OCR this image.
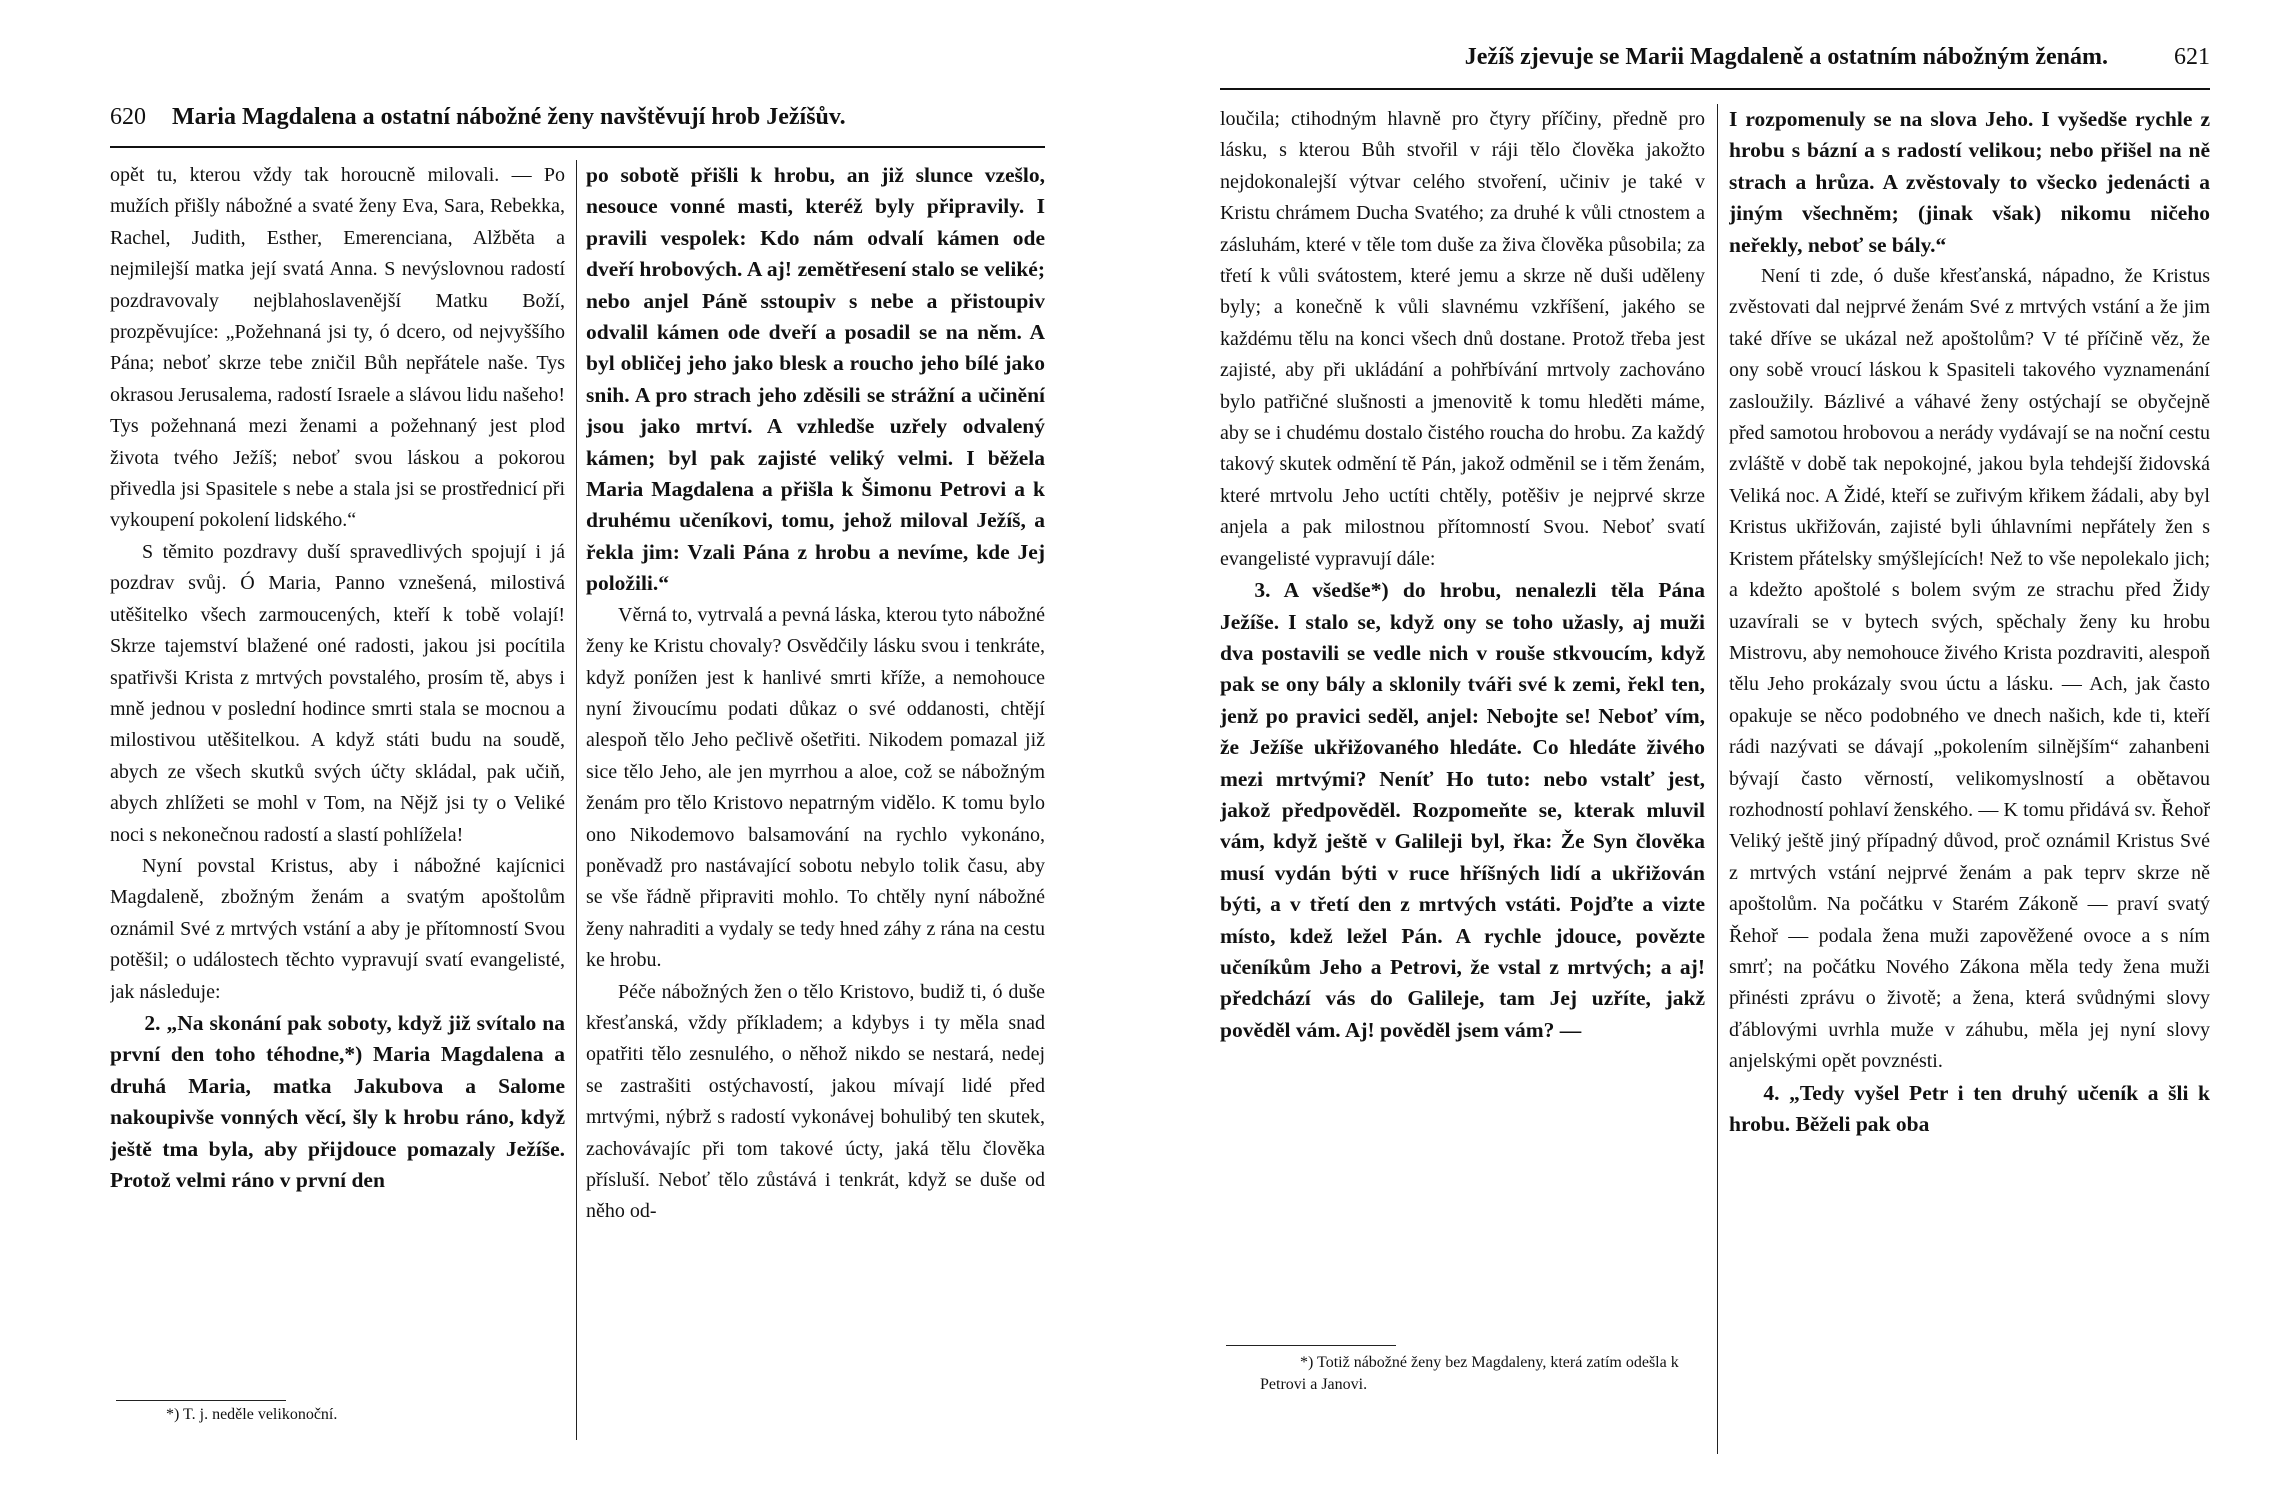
620 Maria Magdalena a ostatní nábožné ženy navštěvují hrob Ježíšův.

opět tu, kterou vždy tak horoucně milovali. — Po mužích přišly nábožné a svaté ženy Eva, Sara, Rebekka, Rachel, Judith, Esther, Emerenciana, Alžběta a nejmilejší matka její svatá Anna. S nevýslovnou radostí pozdravovaly nejblahoslavenější Matku Boží, prozpěvujíce: „Požehnaná jsi ty, ó dcero, od nejvyššího Pána; neboť skrze tebe zničil Bůh nepřátele naše. Tys okrasou Jerusalema, radostí Israele a slávou lidu našeho! Tys požehnaná mezi ženami a požehnaný jest plod života tvého Ježíš; neboť svou láskou a pokorou přivedla jsi Spasitele s nebe a stala jsi se prostřednicí při vykoupení pokolení lidského.“

S těmito pozdravy duší spravedlivých spojují i já pozdrav svůj. Ó Maria, Panno vznešená, milostivá utěšitelko všech zarmoucených, kteří k tobě volají! Skrze tajemství blažené oné radosti, jakou jsi pocítila spatřivši Krista z mrtvých povstalého, prosím tě, abys i mně jednou v poslední hodince smrti stala se mocnou a milostivou utěšitelkou. A když státi budu na soudě, abych ze všech skutků svých účty skládal, pak učiň, abych zhlížeti se mohl v Tom, na Nějž jsi ty o Veliké noci s nekonečnou radostí a slastí pohlížela!

Nyní povstal Kristus, aby i nábožné kajícnici Magdaleně, zbožným ženám a svatým apoštolům oznámil Své z mrtvých vstání a aby je přítomností Svou potěšil; o událostech těchto vypravují svatí evangelisté, jak následuje:

2. „Na skonání pak soboty, když již svítalo na první den toho téhodne,*) Maria Magdalena a druhá Maria, matka Jakubova a Salome nakoupivše vonných věcí, šly k hrobu ráno, když ještě tma byla, aby přijdouce pomazaly Ježíše. Protož velmi ráno v první den

po sobotě přišli k hrobu, an již slunce vzešlo, nesouce vonné masti, kteréž byly připravily. I pravili vespolek: Kdo nám odvalí kámen ode dveří hrobových. A aj! zemětřesení stalo se veliké; nebo anjel Páně sstoupiv s nebe a přistoupiv odvalil kámen ode dveří a posadil se na něm. A byl obličej jeho jako blesk a roucho jeho bílé jako snih. A pro strach jeho zděsili se strážní a učinění jsou jako mrtví. A vzhledše uzřely odvalený kámen; byl pak zajisté veliký velmi. I běžela Maria Magdalena a přišla k Šimonu Petrovi a k druhému učeníkovi, tomu, jehož miloval Ježíš, a řekla jim: Vzali Pána z hrobu a nevíme, kde Jej položili.“

Věrná to, vytrvalá a pevná láska, kterou tyto nábožné ženy ke Kristu chovaly? Osvědčily lásku svou i tenkráte, když ponížen jest k hanlivé smrti kříže, a nemohouce nyní živoucímu podati důkaz o své oddanosti, chtějí alespoň tělo Jeho pečlivě ošetřiti. Nikodem pomazal již sice tělo Jeho, ale jen myrrhou a aloe, což se nábožným ženám pro tělo Kristovo nepatrným vidělo. K tomu bylo ono Nikodemovo balsamování na rychlo vykonáno, poněvadž pro nastávající sobotu nebylo tolik času, aby se vše řádně připraviti mohlo. To chtěly nyní nábožné ženy nahraditi a vydaly se tedy hned záhy z rána na cestu ke hrobu.

Péče nábožných žen o tělo Kristovo, budiž ti, ó duše křesťanská, vždy příkladem; a kdybys i ty měla snad opatřiti tělo zesnulého, o něhož nikdo se nestará, nedej se zastrašiti ostýchavostí, jakou mívají lidé před mrtvými, nýbrž s radostí vykonávej bohulibý ten skutek, zachovávajíc při tom takové úcty, jaká tělu člověka přísluší. Neboť tělo zůstává i tenkrát, když se duše od něho od-

*) T. j. neděle velikonoční.
Ježíš zjevuje se Marii Magdaleně a ostatním nábožným ženám.	621

loučila; ctihodným hlavně pro čtyry příčiny, předně pro lásku, s kterou Bůh stvořil v ráji tělo člověka jakožto nejdokonalejší výtvar celého stvoření, učiniv je také v Kristu chrámem Ducha Svatého; za druhé k vůli ctnostem a zásluhám, které v těle tom duše za živa člověka působila; za třetí k vůli svátostem, které jemu a skrze ně duši uděleny byly; a konečně k vůli slavnému vzkříšení, jakého se každému tělu na konci všech dnů dostane. Protož třeba jest zajisté, aby při ukládání a pohřbívání mrtvoly zachováno bylo patřičné slušnosti a jmenovitě k tomu hleděti máme, aby se i chudému dostalo čistého roucha do hrobu. Za každý takový skutek odmění tě Pán, jakož odměnil se i těm ženám, které mrtvolu Jeho uctíti chtěly, potěšiv je nejprvé skrze anjela a pak milostnou přítomností Svou. Neboť svatí evangelisté vypravují dále:

3. A všedše*) do hrobu, nenalezli těla Pána Ježíše. I stalo se, když ony se toho užasly, aj muži dva postavili se vedle nich v rouše stkvoucím, když pak se ony bály a sklonily tváři své k zemi, řekl ten, jenž po pravici seděl, anjel: Nebojte se! Neboť vím, že Ježíše ukřižovaného hledáte. Co hledáte živého mezi mrtvými? Neníť Ho tuto: nebo vstalť jest, jakož předpověděl. Rozpomeňte se, kterak mluvil vám, když ještě v Galileji byl, řka: Že Syn člověka musí vydán býti v ruce hříšných lidí a ukřižován býti, a v třetí den z mrtvých vstáti. Pojďte a vizte místo, kdež ležel Pán. A rychle jdouce, povězte učeníkům Jeho a Petrovi, že vstal z mrtvých; a aj! předchází vás do Galileje, tam Jej uzříte, jakž pověděl vám. Aj! pověděl jsem vám? —

I rozpomenuly se na slova Jeho. I vyšedše rychle z hrobu s bázní a s radostí velikou; nebo přišel na ně strach a hrůza. A zvěstovaly to všecko jedenácti a jiným všechněm; (jinak však) nikomu ničeho neřekly, neboť se bály.“

Není ti zde, ó duše křesťanská, nápadno, že Kristus zvěstovati dal nejprvé ženám Své z mrtvých vstání a že jim také dříve se ukázal než apoštolům? V té příčině věz, že ony sobě vroucí láskou k Spasiteli takového vyznamenání zasloužily. Bázlivé a váhavé ženy ostýchají se obyčejně před samotou hrobovou a nerády vydávají se na noční cestu zvláště v době tak nepokojné, jakou byla tehdejší židovská Veliká noc. A Židé, kteří se zuřivým křikem žádali, aby byl Kristus ukřižován, zajisté byli úhlavními nepřátely žen s Kristem přátelsky smýšlejících! Než to vše nepolekalo jich; a kdežto apoštolé s bolem svým ze strachu před Židy uzavírali se v bytech svých, spěchaly ženy ku hrobu Mistrovu, aby nemohouce živého Krista pozdraviti, alespoň tělu Jeho prokázaly svou úctu a lásku. — Ach, jak často opakuje se něco podobného ve dnech našich, kde ti, kteří rádi nazývati se dávají „pokolením silnějším“ zahanbeni bývají často věrností, velikomyslností a obětavou rozhodností pohlaví ženského. — K tomu přidává sv. Řehoř Veliký ještě jiný případný důvod, proč oznámil Kristus Své z mrtvých vstání nejprvé ženám a pak teprv skrze ně apoštolům. Na počátku v Starém Zákoně — praví svatý Řehoř — podala žena muži zapověžené ovoce a s ním smrť; na počátku Nového Zákona měla tedy žena muži přinésti zprávu o životě; a žena, která svůdnými slovy ďáblovými uvrhla muže v záhubu, měla jej nyní slovy anjelskými opět povznésti.

4. „Tedy vyšel Petr i ten druhý učeník a šli k hrobu. Běželi pak oba

*) Totiž nábožné ženy bez Magdaleny, která zatím odešla k Petrovi a Janovi.
